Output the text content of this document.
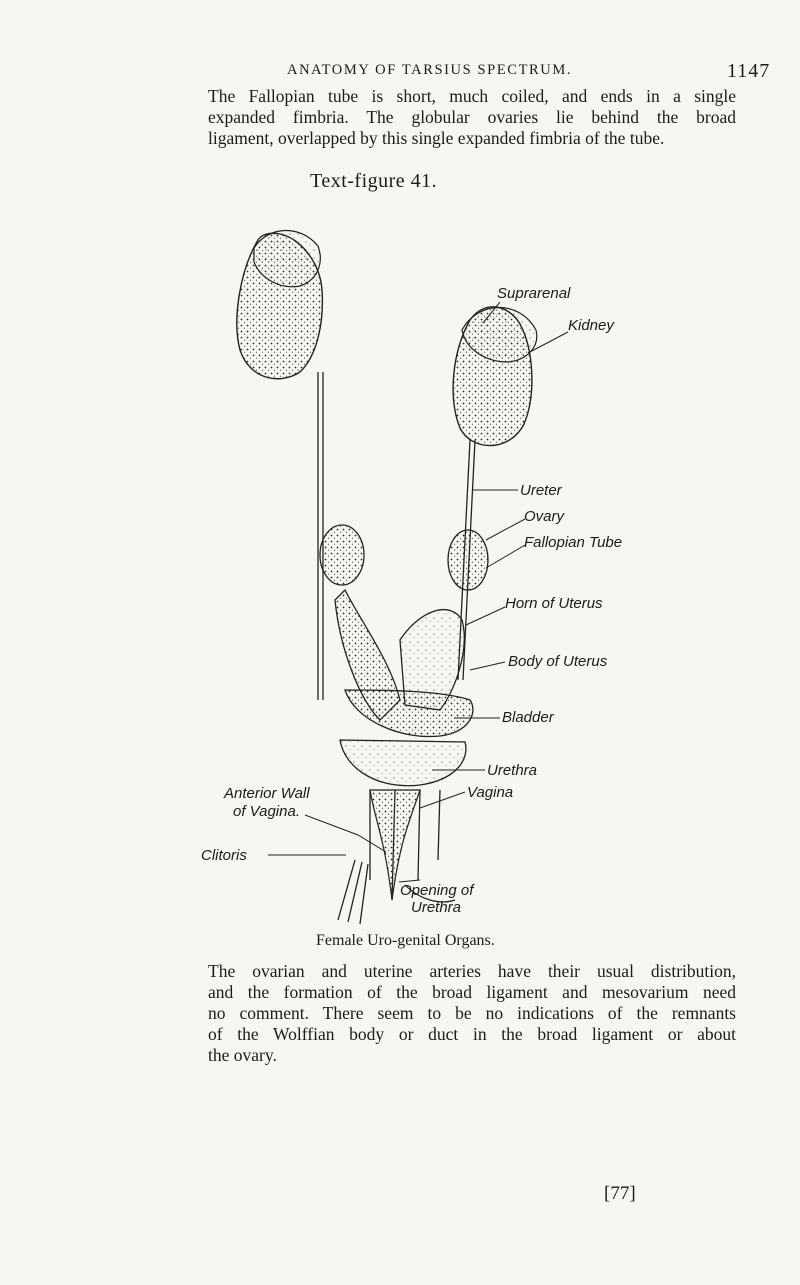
ANATOMY OF TARSIUS SPECTRUM.	1147

The Fallopian tube is short, much coiled, and ends in a single
expanded fimbria. The globular ovaries lie behind the broad
ligament, overlapped by this single expanded fimbria of the tube.

Text-figure 41.
Suprarenal
Kidney
Ureter
Ovary
Fallopian Tube
Horn of Uterus
Body of Uterus
Bladder
Urethra
Vagina
Anterior Wall
of Vagina.
Clitoris
Opening of
Urethra
Female Uro-genital Organs.

The ovarian and uterine arteries have their usual distribution,
and the formation of the broad ligament and mesovarium need
no comment. There seem to be no indications of the remnants
of the Wolffian body or duct in the broad ligament or about
the ovary.

[77]
